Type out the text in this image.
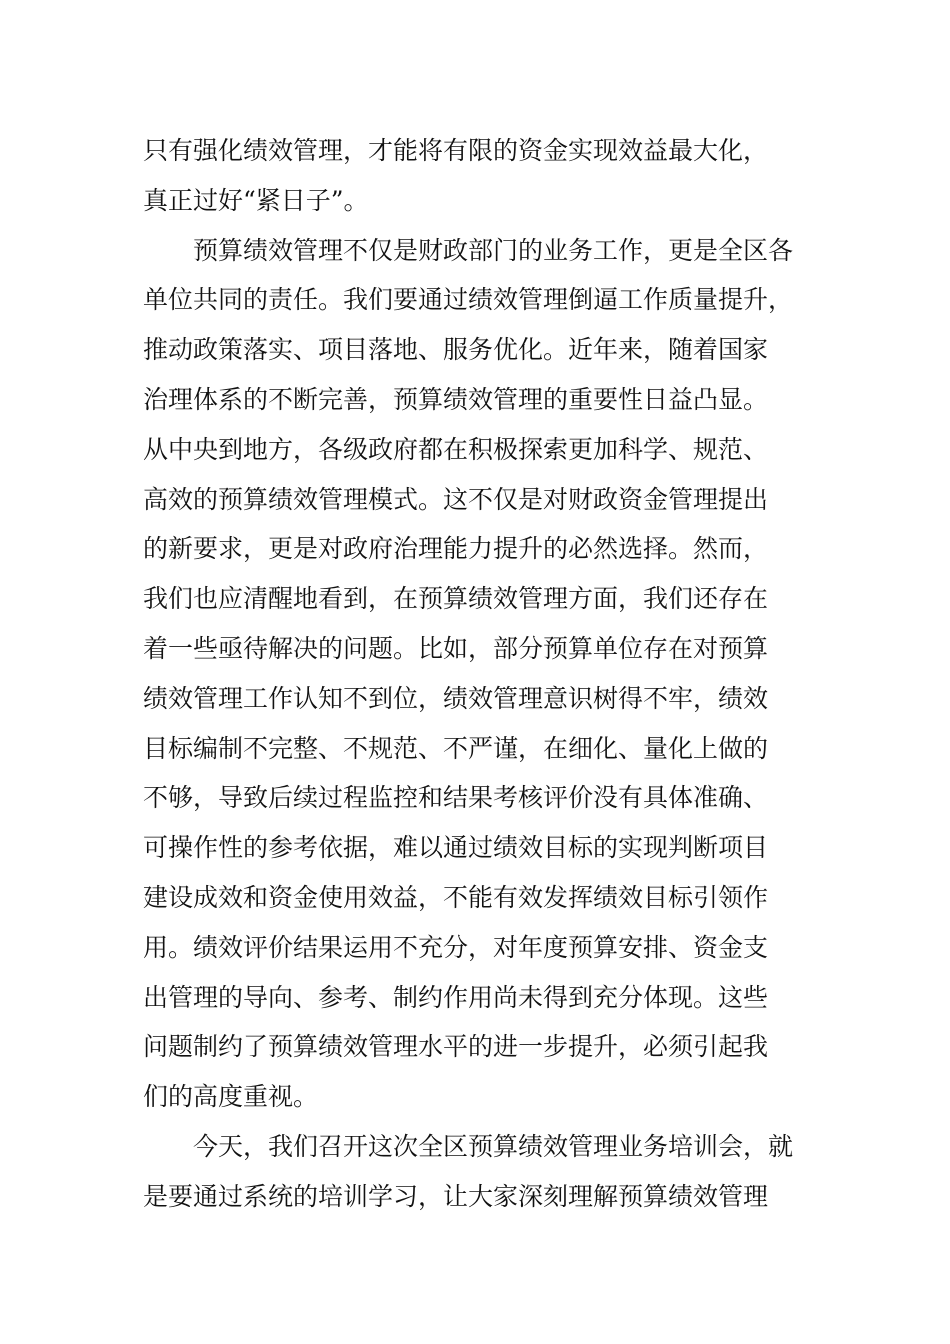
只有强化绩效管理，才能将有限的资金实现效益最大化，
真正过好“紧日子”。
　　预算绩效管理不仅是财政部门的业务工作，更是全区各
单位共同的责任。我们要通过绩效管理倒逼工作质量提升，
推动政策落实、项目落地、服务优化。近年来，随着国家
治理体系的不断完善，预算绩效管理的重要性日益凸显。
从中央到地方，各级政府都在积极探索更加科学、规范、
高效的预算绩效管理模式。这不仅是对财政资金管理提出
的新要求，更是对政府治理能力提升的必然选择。然而，
我们也应清醒地看到，在预算绩效管理方面，我们还存在
着一些亟待解决的问题。比如，部分预算单位存在对预算
绩效管理工作认知不到位，绩效管理意识树得不牢，绩效
目标编制不完整、不规范、不严谨，在细化、量化上做的
不够，导致后续过程监控和结果考核评价没有具体准确、
可操作性的参考依据，难以通过绩效目标的实现判断项目
建设成效和资金使用效益，不能有效发挥绩效目标引领作
用。绩效评价结果运用不充分，对年度预算安排、资金支
出管理的导向、参考、制约作用尚未得到充分体现。这些
问题制约了预算绩效管理水平的进一步提升，必须引起我
们的高度重视。
　　今天，我们召开这次全区预算绩效管理业务培训会，就
是要通过系统的培训学习，让大家深刻理解预算绩效管理
